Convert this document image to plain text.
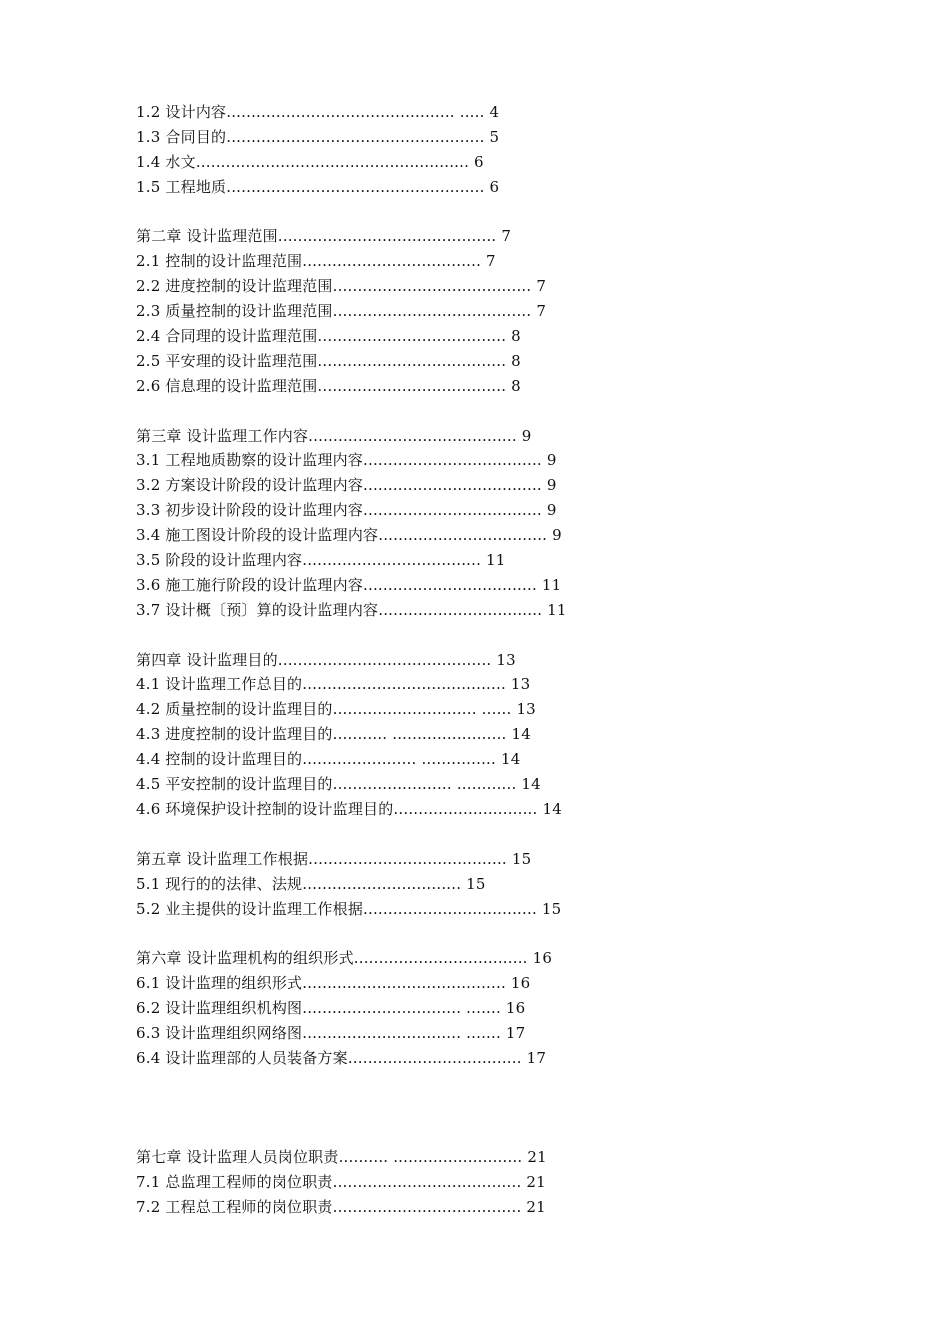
1.2 设计内容.............................................. ..... 4
1.3 合同目的.................................................... 5
1.4 水文....................................................... 6
1.5 工程地质.................................................... 6
第二章 设计监理范围............................................ 7
2.1 控制的设计监理范围.................................... 7
2.2 进度控制的设计监理范围........................................ 7
2.3 质量控制的设计监理范围........................................ 7
2.4 合同理的设计监理范围...................................... 8
2.5 平安理的设计监理范围...................................... 8
2.6 信息理的设计监理范围...................................... 8
第三章 设计监理工作内容.......................................... 9
3.1 工程地质勘察的设计监理内容.................................... 9
3.2 方案设计阶段的设计监理内容.................................... 9
3.3 初步设计阶段的设计监理内容.................................... 9
3.4 施工图设计阶段的设计监理内容.................................. 9
3.5 阶段的设计监理内容.................................... 11
3.6 施工施行阶段的设计监理内容................................... 11
3.7 设计概〔预〕算的设计监理内容................................. 11
第四章 设计监理目的........................................... 13
4.1 设计监理工作总目的......................................... 13
4.2 质量控制的设计监理目的............................. ...... 13
4.3 进度控制的设计监理目的........... ....................... 14
4.4 控制的设计监理目的....................... ............... 14
4.5 平安控制的设计监理目的........................ ............ 14
4.6 环境保护设计控制的设计监理目的............................. 14
第五章 设计监理工作根据........................................ 15
5.1 现行的的法律、法规................................ 15
5.2 业主提供的设计监理工作根据................................... 15
第六章 设计监理机构的组织形式................................... 16
6.1 设计监理的组织形式......................................... 16
6.2 设计监理组织机构图................................ ....... 16
6.3 设计监理组织网络图................................ ....... 17
6.4 设计监理部的人员装备方案................................... 17
第七章 设计监理人员岗位职责.......... .......................... 21
7.1 总监理工程师的岗位职责...................................... 21
7.2 工程总工程师的岗位职责...................................... 21
